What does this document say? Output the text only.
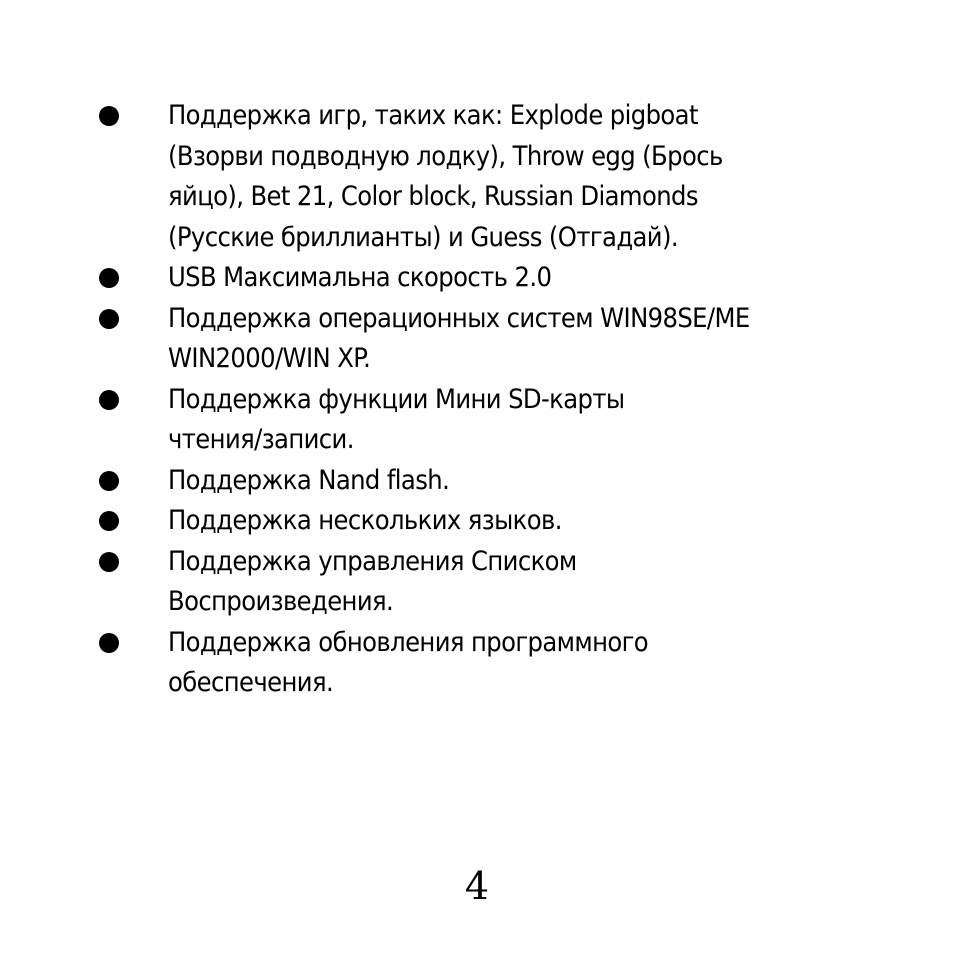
Поддержка игр, таких как: Explode pigboat
(Взорви подводную лодку), Throw egg (Брось
яйцо), Bet 21, Color block, Russian Diamonds
(Русские бриллианты) и Guess (Отгадай).
USB Максимальна скорость 2.0
Поддержка операционных систем WIN98SE/ME
WIN2000/WIN XP.
Поддержка функции Мини SD-карты
чтения/записи.
Поддержка Nand flash.
Поддержка нескольких языков.
Поддержка управления Списком
Воспроизведения.
Поддержка обновления программного
обеспечения.
4
